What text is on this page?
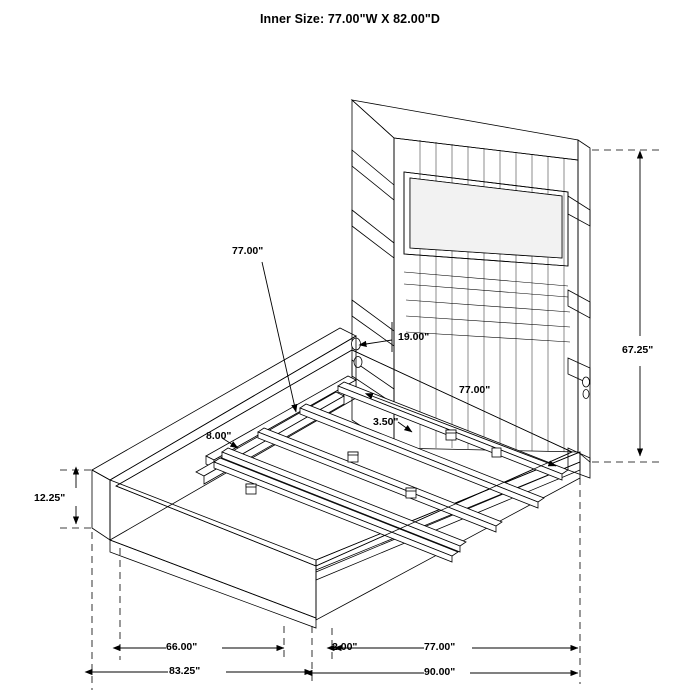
Inner Size: 77.00"W X 82.00"D
77.00"
19.00"
77.00"
3.50"
8.00"
67.25"
12.25"
66.00"	2.00"	77.00"
83.25"	90.00"
